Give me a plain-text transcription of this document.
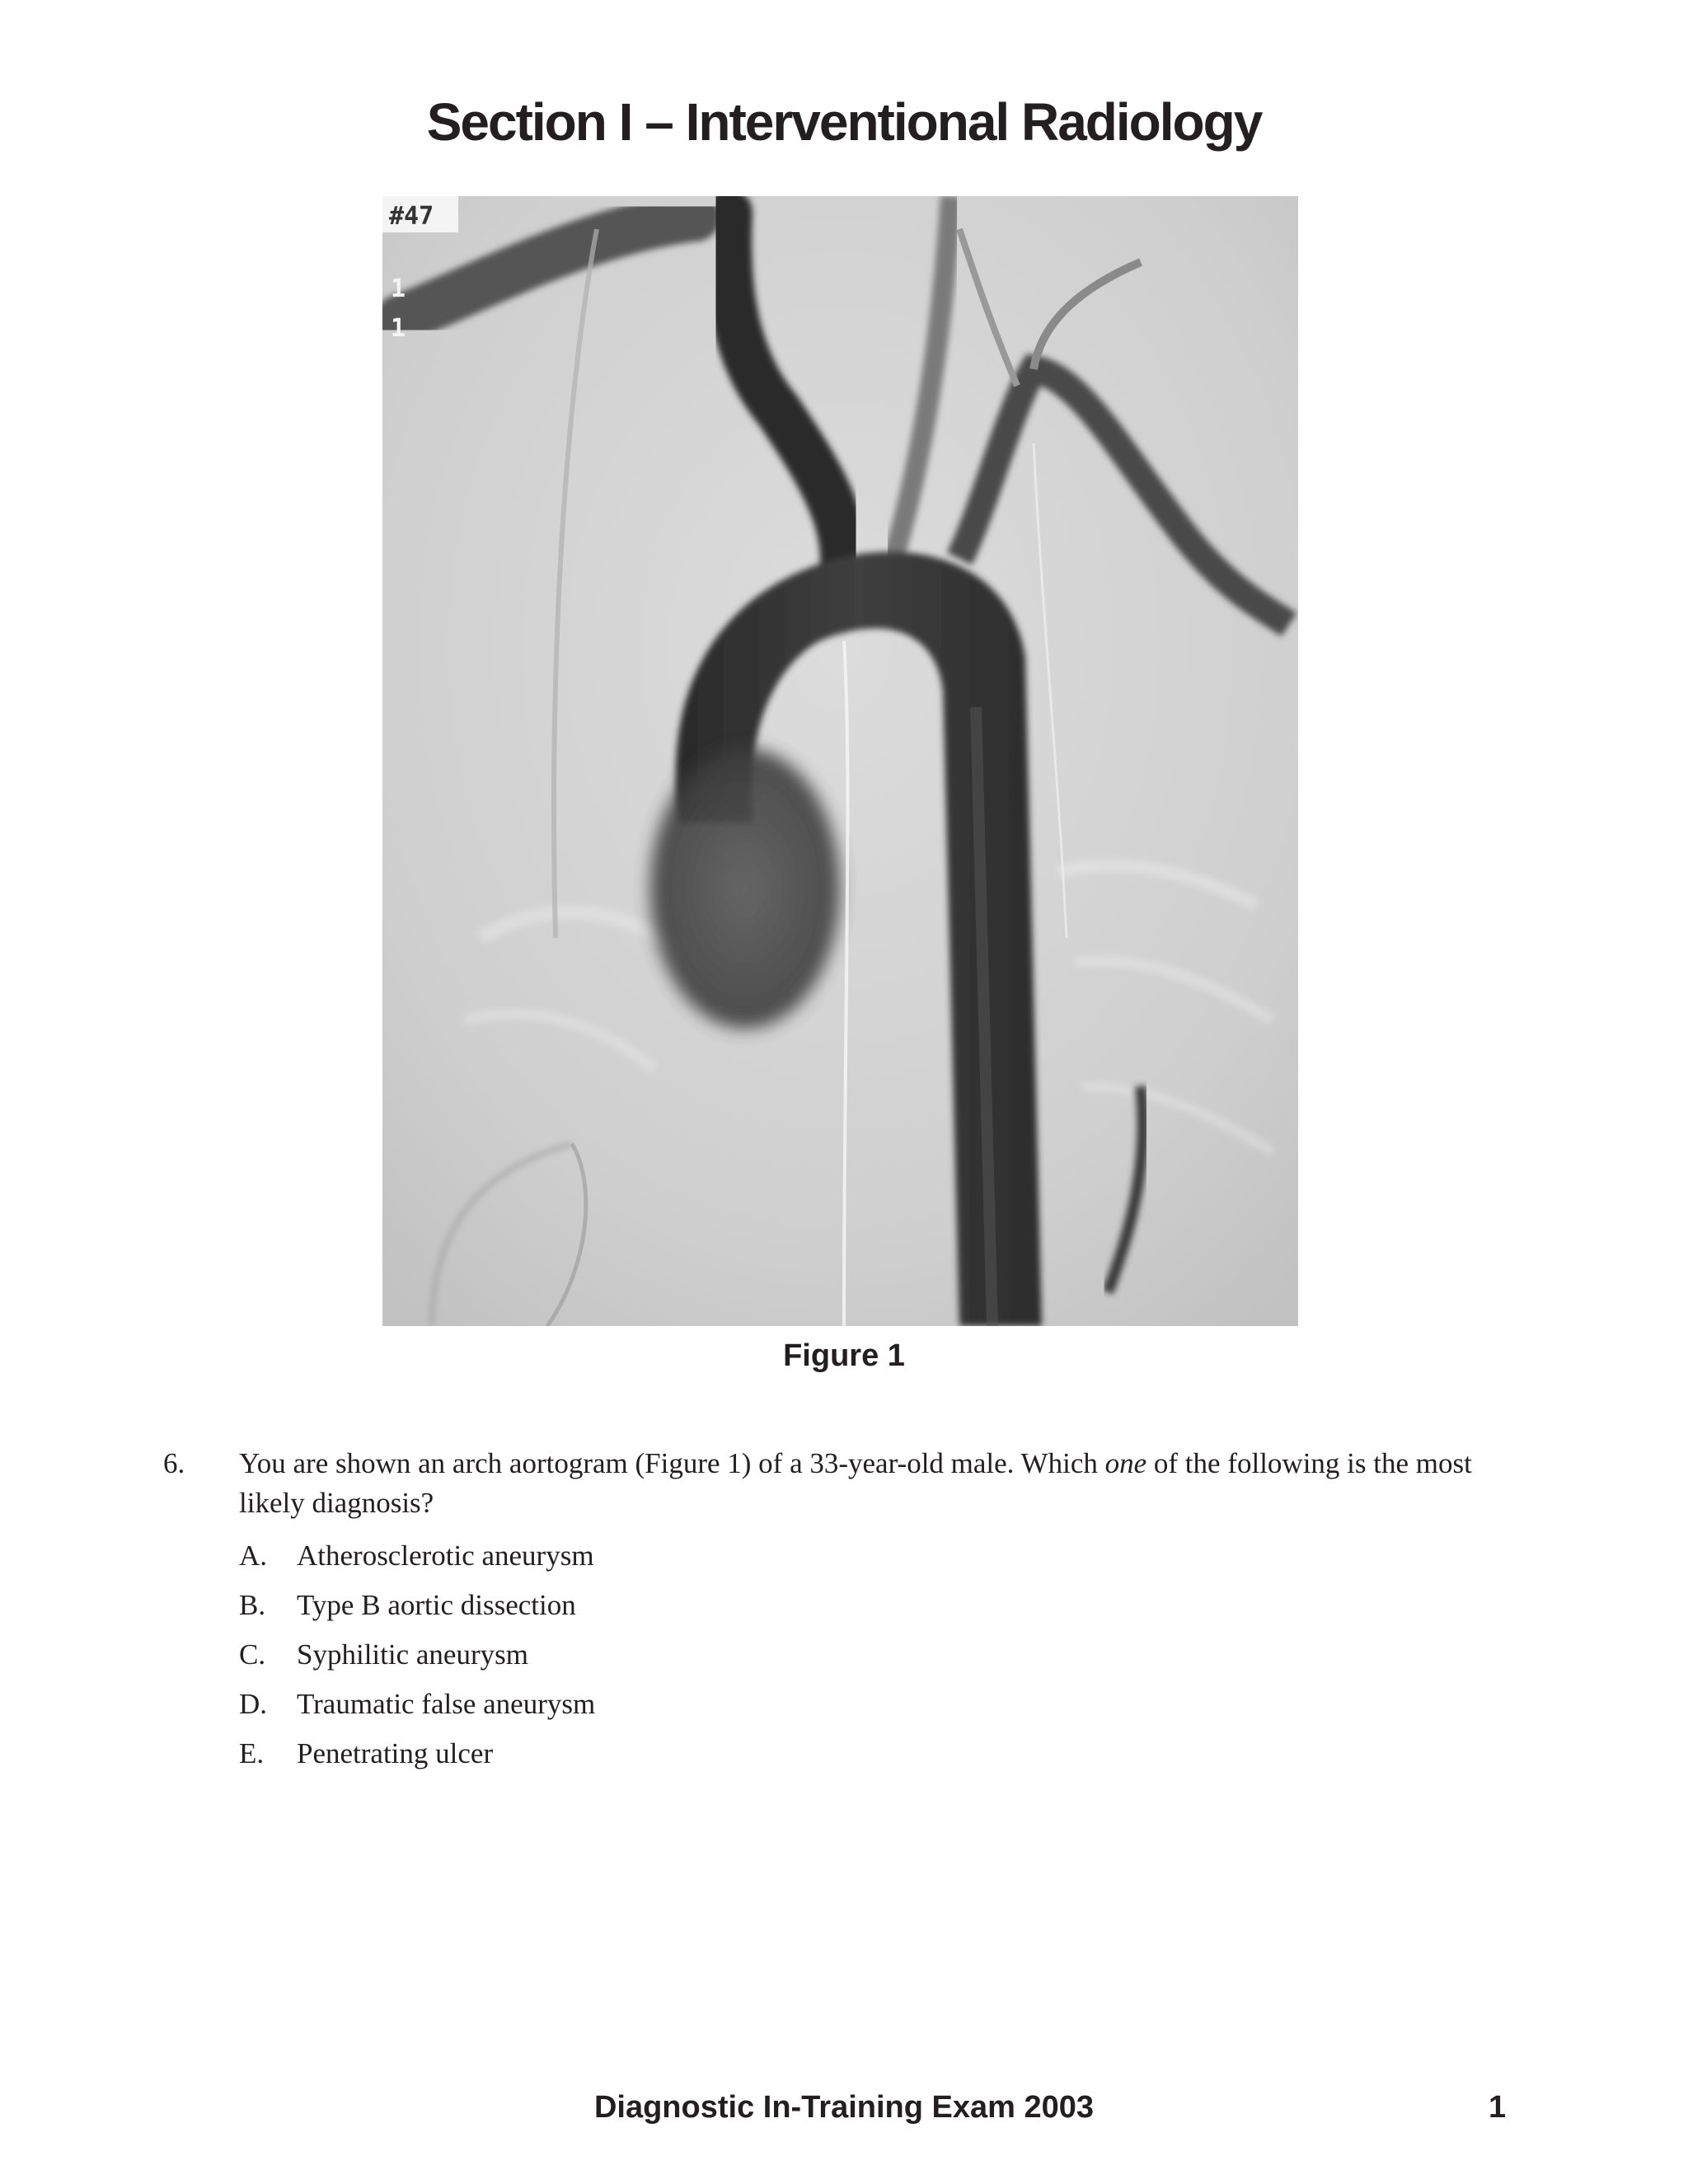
Section I – Interventional Radiology
#47
1
1
Figure 1
6. You are shown an arch aortogram (Figure 1) of a 33-year-old male. Which one of the following is the most likely diagnosis?
A. Atherosclerotic aneurysm
B. Type B aortic dissection
C. Syphilitic aneurysm
D. Traumatic false aneurysm
E. Penetrating ulcer
Diagnostic In-Training Exam 2003	1
